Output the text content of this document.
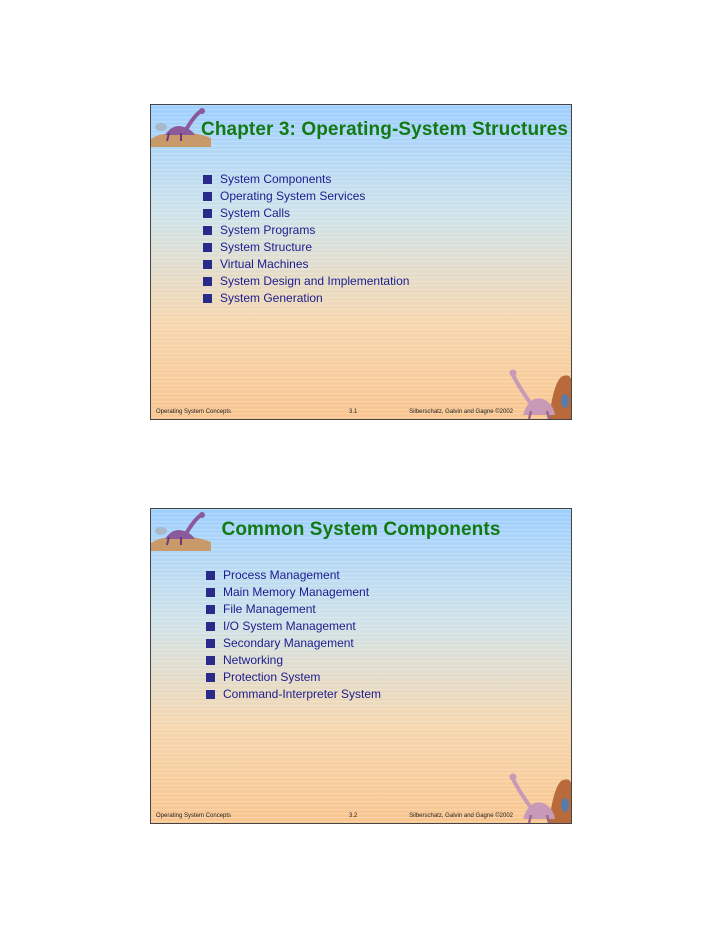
Chapter 3: Operating-System Structures
System Components
Operating System Services
System Calls
System Programs
System Structure
Virtual Machines
System Design and Implementation
System Generation
Operating System Concepts	3.1	Silberschatz, Galvin and Gagne ©2002
Common System Components
Process Management
Main Memory Management
File Management
I/O System Management
Secondary Management
Networking
Protection System
Command-Interpreter System
Operating System Concepts	3.2	Silberschatz, Galvin and Gagne ©2002
